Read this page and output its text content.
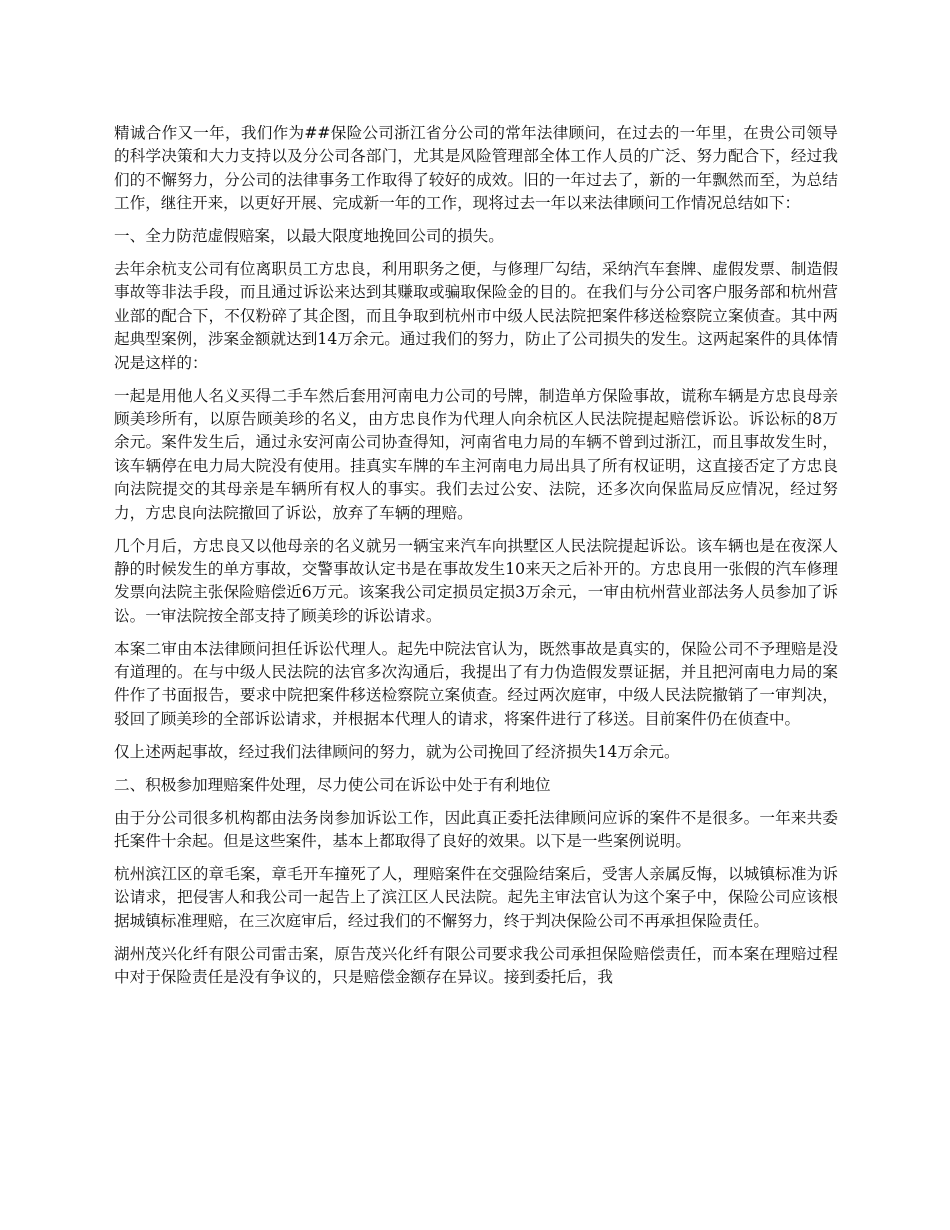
精诚合作又一年，我们作为##保险公司浙江省分公司的常年法律顾问，在过去的一年里，在贵公司领导的科学决策和大力支持以及分公司各部门，尤其是风险管理部全体工作人员的广泛、努力配合下，经过我们的不懈努力，分公司的法律事务工作取得了较好的成效。旧的一年过去了，新的一年飘然而至，为总结工作，继往开来，以更好开展、完成新一年的工作，现将过去一年以来法律顾问工作情况总结如下：

一、全力防范虚假赔案，以最大限度地挽回公司的损失。

去年余杭支公司有位离职员工方忠良，利用职务之便，与修理厂勾结，采纳汽车套牌、虚假发票、制造假事故等非法手段，而且通过诉讼来达到其赚取或骗取保险金的目的。在我们与分公司客户服务部和杭州营业部的配合下，不仅粉碎了其企图，而且争取到杭州市中级人民法院把案件移送检察院立案侦查。其中两起典型案例，涉案金额就达到14万余元。通过我们的努力，防止了公司损失的发生。这两起案件的具体情况是这样的：

一起是用他人名义买得二手车然后套用河南电力公司的号牌，制造单方保险事故，谎称车辆是方忠良母亲顾美珍所有，以原告顾美珍的名义，由方忠良作为代理人向余杭区人民法院提起赔偿诉讼。诉讼标的8万余元。案件发生后，通过永安河南公司协查得知，河南省电力局的车辆不曾到过浙江，而且事故发生时，该车辆停在电力局大院没有使用。挂真实车牌的车主河南电力局出具了所有权证明，这直接否定了方忠良向法院提交的其母亲是车辆所有权人的事实。我们去过公安、法院，还多次向保监局反应情况，经过努力，方忠良向法院撤回了诉讼，放弃了车辆的理赔。

几个月后，方忠良又以他母亲的名义就另一辆宝来汽车向拱墅区人民法院提起诉讼。该车辆也是在夜深人静的时候发生的单方事故，交警事故认定书是在事故发生10来天之后补开的。方忠良用一张假的汽车修理发票向法院主张保险赔偿近6万元。该案我公司定损员定损3万余元，一审由杭州营业部法务人员参加了诉讼。一审法院按全部支持了顾美珍的诉讼请求。

本案二审由本法律顾问担任诉讼代理人。起先中院法官认为，既然事故是真实的，保险公司不予理赔是没有道理的。在与中级人民法院的法官多次沟通后，我提出了有力伪造假发票证据，并且把河南电力局的案件作了书面报告，要求中院把案件移送检察院立案侦查。经过两次庭审，中级人民法院撤销了一审判决，驳回了顾美珍的全部诉讼请求，并根据本代理人的请求，将案件进行了移送。目前案件仍在侦查中。

仅上述两起事故，经过我们法律顾问的努力，就为公司挽回了经济损失14万余元。

二、积极参加理赔案件处理，尽力使公司在诉讼中处于有利地位

由于分公司很多机构都由法务岗参加诉讼工作，因此真正委托法律顾问应诉的案件不是很多。一年来共委托案件十余起。但是这些案件，基本上都取得了良好的效果。以下是一些案例说明。

杭州滨江区的章毛案，章毛开车撞死了人，理赔案件在交强险结案后，受害人亲属反悔，以城镇标准为诉讼请求，把侵害人和我公司一起告上了滨江区人民法院。起先主审法官认为这个案子中，保险公司应该根据城镇标准理赔，在三次庭审后，经过我们的不懈努力，终于判决保险公司不再承担保险责任。

湖州茂兴化纤有限公司雷击案，原告茂兴化纤有限公司要求我公司承担保险赔偿责任，而本案在理赔过程中对于保险责任是没有争议的，只是赔偿金额存在异议。接到委托后，我
